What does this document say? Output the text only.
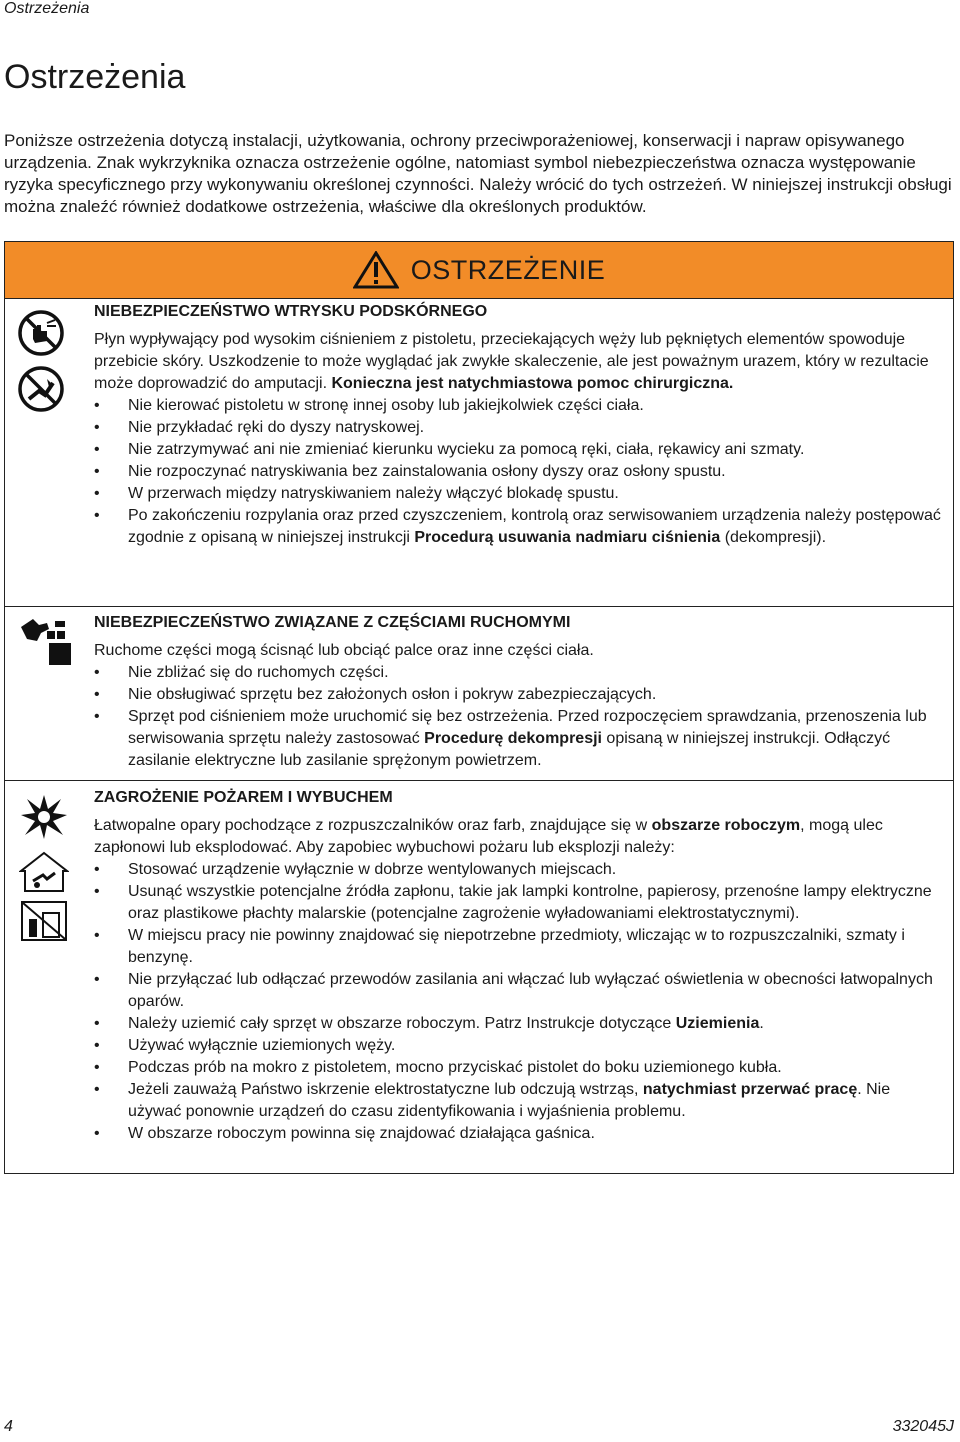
Ostrzeżenia
Ostrzeżenia

Poniższe ostrzeżenia dotyczą instalacji, użytkowania, ochrony przeciwporażeniowej, konserwacji i napraw opisywanego urządzenia. Znak wykrzyknika oznacza ostrzeżenie ogólne, natomiast symbol niebezpieczeństwa oznacza występowanie ryzyka specyficznego przy wykonywaniu określonej czynności. Należy wrócić do tych ostrzeżeń. W niniejszej instrukcji obsługi można znaleźć również dodatkowe ostrzeżenia, właściwe dla określonych produktów.

OSTRZEŻENIE
NIEBEZPIECZEŃSTWO WTRYSKU PODSKÓRNEGO

Płyn wypływający pod wysokim ciśnieniem z pistoletu, przeciekających węży lub pękniętych elementów spowoduje przebicie skóry. Uszkodzenie to może wyglądać jak zwykłe skaleczenie, ale jest poważnym urazem, który w rezultacie może doprowadzić do amputacji. Konieczna jest natychmiastowa pomoc chirurgiczna.

• Nie kierować pistoletu w stronę innej osoby lub jakiejkolwiek części ciała.
• Nie przykładać ręki do dyszy natryskowej.
• Nie zatrzymywać ani nie zmieniać kierunku wycieku za pomocą ręki, ciała, rękawicy ani szmaty.
• Nie rozpoczynać natryskiwania bez zainstalowania osłony dyszy oraz osłony spustu.
• W przerwach między natryskiwaniem należy włączyć blokadę spustu.
• Po zakończeniu rozpylania oraz przed czyszczeniem, kontrolą oraz serwisowaniem urządzenia należy postępować zgodnie z opisaną w niniejszej instrukcji Procedurą usuwania nadmiaru ciśnienia (dekompresji).
NIEBEZPIECZEŃSTWO ZWIĄZANE Z CZĘŚCIAMI RUCHOMYMI

Ruchome części mogą ścisnąć lub obciąć palce oraz inne części ciała.

• Nie zbliżać się do ruchomych części.
• Nie obsługiwać sprzętu bez założonych osłon i pokryw zabezpieczających.
• Sprzęt pod ciśnieniem może uruchomić się bez ostrzeżenia. Przed rozpoczęciem sprawdzania, przenoszenia lub serwisowania sprzętu należy zastosować Procedurę dekompresji opisaną w niniejszej instrukcji. Odłączyć zasilanie elektryczne lub zasilanie sprężonym powietrzem.
ZAGROŻENIE POŻAREM I WYBUCHEM

Łatwopalne opary pochodzące z rozpuszczalników oraz farb, znajdujące się w obszarze roboczym, mogą ulec zapłonowi lub eksplodować. Aby zapobiec wybuchowi pożaru lub eksplozji należy:

• Stosować urządzenie wyłącznie w dobrze wentylowanych miejscach.
• Usunąć wszystkie potencjalne źródła zapłonu, takie jak lampki kontrolne, papierosy, przenośne lampy elektryczne oraz plastikowe płachty malarskie (potencjalne zagrożenie wyładowaniami elektrostatycznymi).
• W miejscu pracy nie powinny znajdować się niepotrzebne przedmioty, wliczając w to rozpuszczalniki, szmaty i benzynę.
• Nie przyłączać lub odłączać przewodów zasilania ani włączać lub wyłączać oświetlenia w obecności łatwopalnych oparów.
• Należy uziemić cały sprzęt w obszarze roboczym. Patrz Instrukcje dotyczące Uziemienia.
• Używać wyłącznie uziemionych węży.
• Podczas prób na mokro z pistoletem, mocno przyciskać pistolet do boku uziemionego kubła.
• Jeżeli zauważą Państwo iskrzenie elektrostatyczne lub odczują wstrząs, natychmiast przerwać pracę. Nie używać ponownie urządzeń do czasu zidentyfikowania i wyjaśnienia problemu.
• W obszarze roboczym powinna się znajdować działająca gaśnica.
4	332045J
